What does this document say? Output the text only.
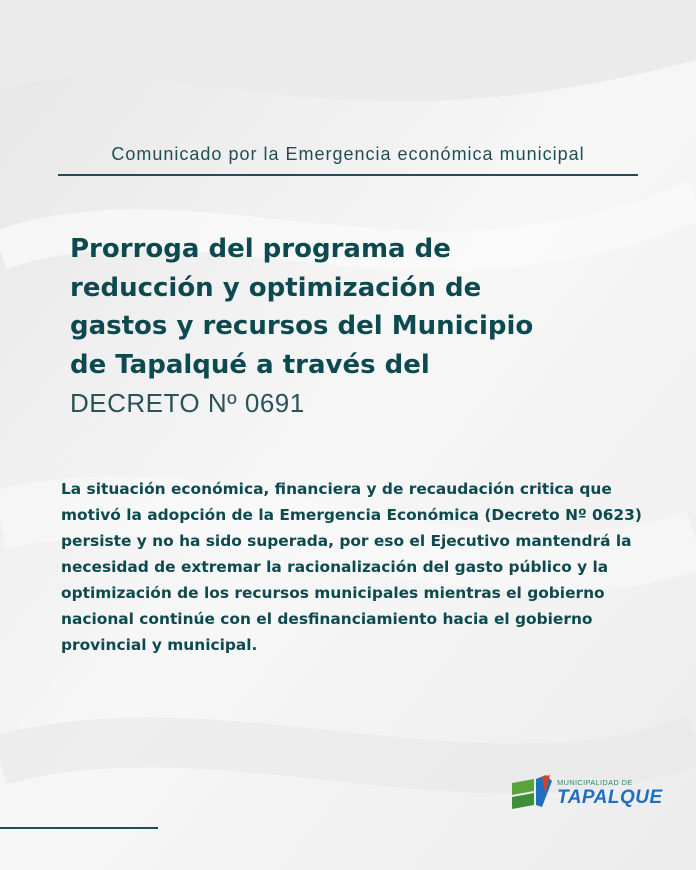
Comunicado por la Emergencia económica municipal
Prorroga del programa de reducción y optimización de gastos y recursos del Municipio de Tapalqué a través del DECRETO Nº 0691
La situación económica, financiera y de recaudación critica que motivó la adopción de la Emergencia Económica (Decreto Nº 0623) persiste y no ha sido superada, por eso el Ejecutivo mantendrá la necesidad de extremar la racionalización del gasto público y la optimización de los recursos municipales mientras el gobierno nacional continúe con el desfinanciamiento hacia el gobierno provincial y municipal.
MUNICIPALIDAD DE
TAPALQUE
